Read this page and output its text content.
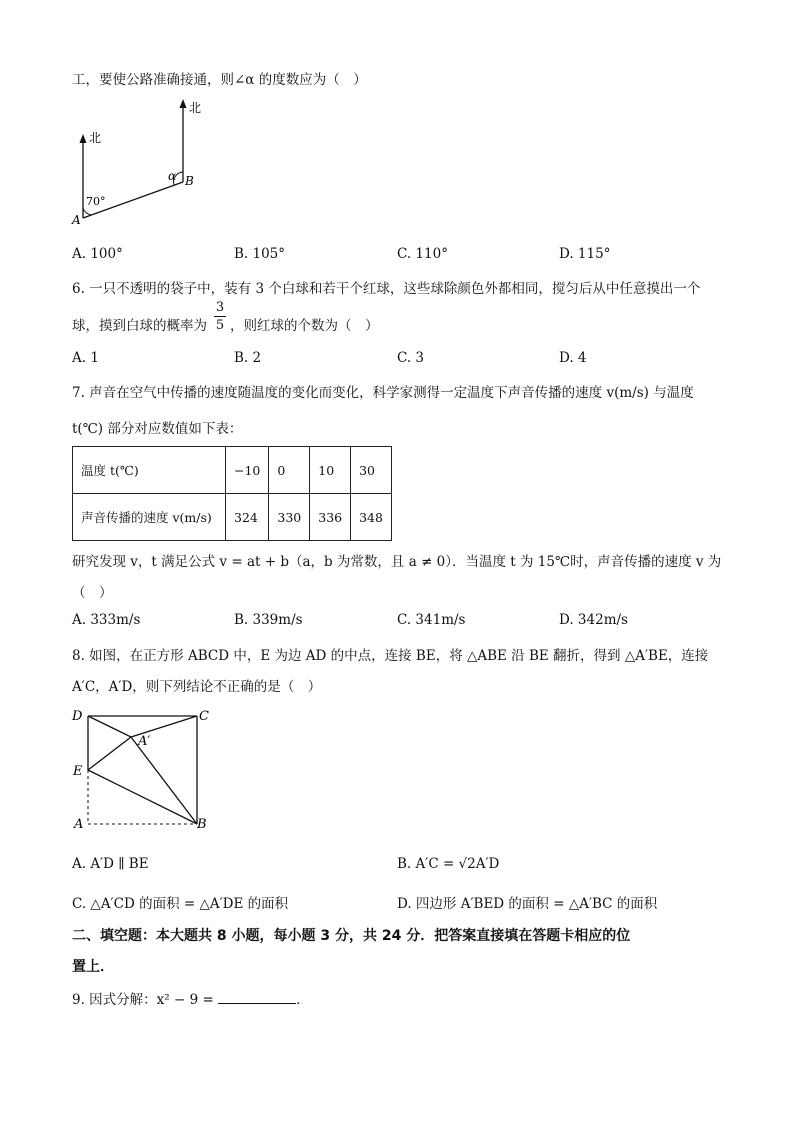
工，要使公路准确接通，则∠α 的度数应为（　）
北
北
70°
α B
A
A. 100°	B. 105°	C. 110°	D. 115°
6. 一只不透明的袋子中，装有 3 个白球和若干个红球，这些球除颜色外都相同，搅匀后从中任意摸出一个
球，摸到白球的概率为
3
5 ，则红球的个数为（　）
A. 1	B. 2	C. 3	D. 4
7. 声音在空气中传播的速度随温度的变化而变化，科学家测得一定温度下声音传播的速度 v(m/s) 与温度
t(℃) 部分对应数值如下表：
温度 t(℃)	−10	0	10	30
声音传播的速度 v(m/s)	324	330	336	348
研究发现 v，t 满足公式 v = at + b（a，b 为常数，且 a ≠ 0）．当温度 t 为 15℃时，声音传播的速度 v 为
（　）
A. 333m/s	B. 339m/s	C. 341m/s	D. 342m/s
8. 如图，在正方形 ABCD 中，E 为边 AD 的中点，连接 BE，将 △ABE 沿 BE 翻折，得到 △A′BE，连接
A′C，A′D，则下列结论不正确的是（　）
D	C
A′
E
A	B
A. A′D ∥ BE	B. A′C = √2A′D
C. △A′CD 的面积 = △A′DE 的面积	D. 四边形 A′BED 的面积 = △A′BC 的面积
二、填空题：本大题共 8 小题，每小题 3 分，共 24 分．把答案直接填在答题卡相应的位
置上．
9. 因式分解：x² − 9 =	．
